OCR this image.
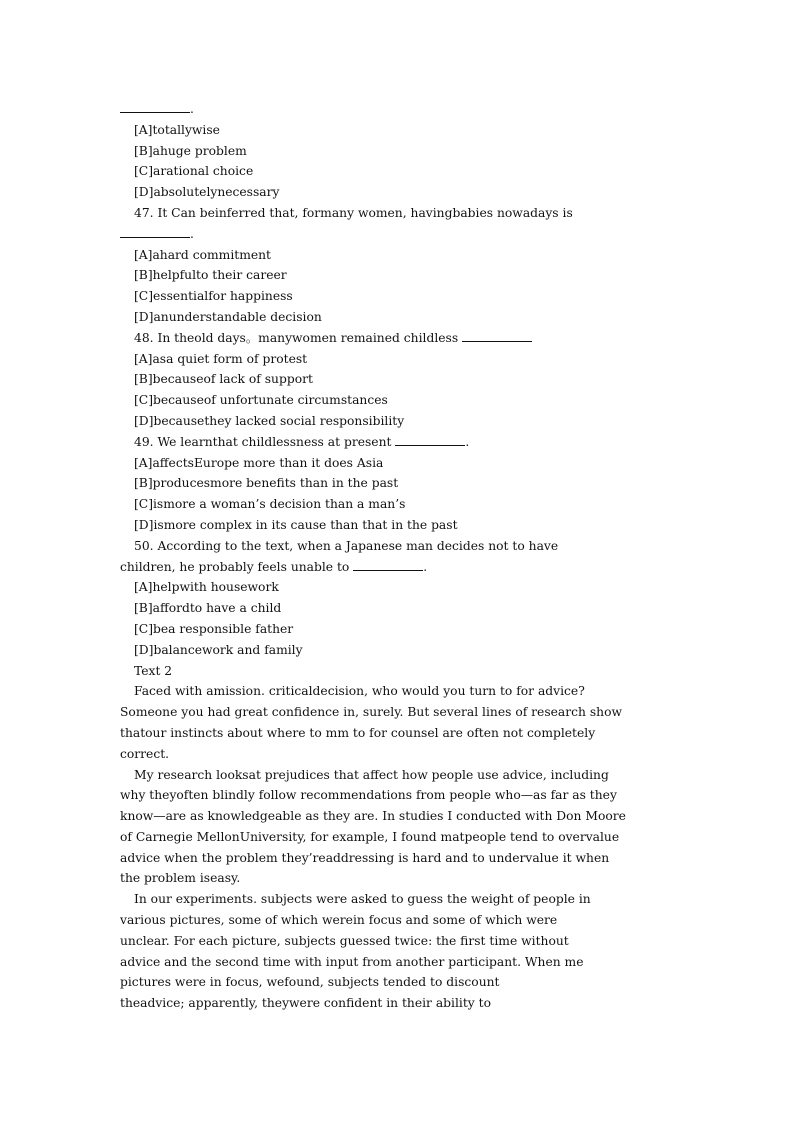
.
[A]totallywise
[B]ahuge problem
[C]arational choice
[D]absolutelynecessary
47. It Can beinferred that, formany women, havingbabies nowadays is
.
[A]ahard commitment
[B]helpfulto their career
[C]essentialfor happiness
[D]anunderstandable decision
48. In theold days。manywomen remained childless
[A]asa quiet form of protest
[B]becauseof lack of support
[C]becauseof unfortunate circumstances
[D]becausethey lacked social responsibility
49. We learnthat childlessness at present	.
[A]affectsEurope more than it does Asia
[B]producesmore benefits than in the past
[C]ismore a woman’s decision than a man’s
[D]ismore complex in its cause than that in the past
50. According to the text, when a Japanese man decides not to have
children, he probably feels unable to	.
[A]helpwith housework
[B]affordto have a child
[C]bea responsible father
[D]balancework and family
Text 2
Faced with amission. criticaldecision, who would you turn to for advice?
Someone you had great confidence in, surely. But several lines of research show
thatour instincts about where to mm to for counsel are often not completely
correct.
My research looksat prejudices that affect how people use advice, including
why theyoften blindly follow recommendations from people who—as far as they
know—are as knowledgeable as they are. In studies I conducted with Don Moore
of Carnegie MellonUniversity, for example, I found matpeople tend to overvalue
advice when the problem they’readdressing is hard and to undervalue it when
the problem iseasy.
In our experiments. subjects were asked to guess the weight of people in
various pictures, some of which werein focus and some of which were
unclear. For each picture, subjects guessed twice: the first time without
advice and the second time with input from another participant. When me
pictures were in focus, wefound, subjects tended to discount
theadvice; apparently, theywere confident in their ability to
